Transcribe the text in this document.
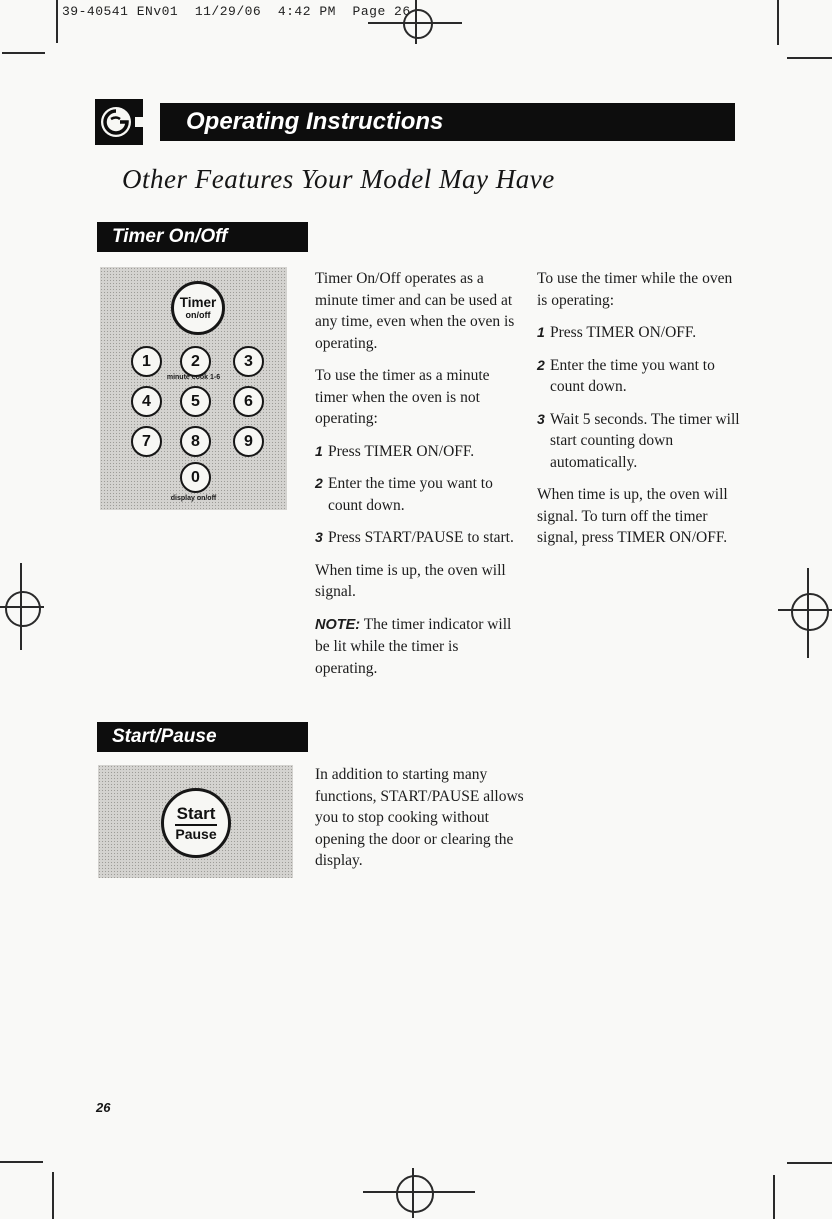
39-40541 ENv01  11/29/06  4:42 PM  Page 26
Operating Instructions
Other Features Your Model May Have
Timer On/Off
Timer
on/off
1	2	3
minute cook 1-6
4	5	6
7	8	9
0
display on/off

Timer On/Off operates as a minute timer and can be used at any time, even when the oven is operating.

To use the timer as a minute timer when the oven is not operating:

1 Press TIMER ON/OFF.
2 Enter the time you want to count down.
3 Press START/PAUSE to start.

When time is up, the oven will signal.

NOTE: The timer indicator will be lit while the timer is operating.

To use the timer while the oven is operating:

1 Press TIMER ON/OFF.
2 Enter the time you want to count down.
3 Wait 5 seconds. The timer will start counting down automatically.

When time is up, the oven will signal. To turn off the timer signal, press TIMER ON/OFF.

Start/Pause
Start
Pause

In addition to starting many functions, START/PAUSE allows you to stop cooking without opening the door or clearing the display.

26
